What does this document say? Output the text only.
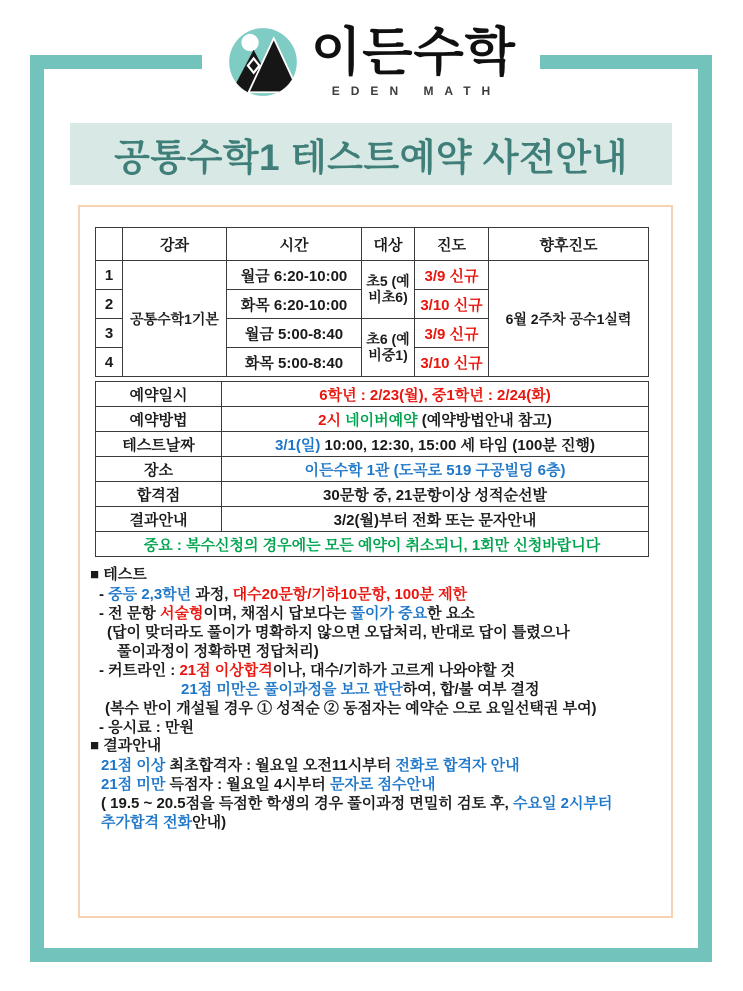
이든수학
EDEN MATH
공통수학1 테스트예약 사전안내
	강좌	시간	대상	진도	향후진도
1	공통수학1기본	월금 6:20-10:00	초5 (예비초6)	3/9 신규	6월 2주차 공수1실력
2		화목 6:20-10:00		3/10 신규	
3		월금 5:00-8:40	초6 (예비중1)	3/9 신규	
4		화목 5:00-8:40		3/10 신규	
예약일시	6학년 : 2/23(월), 중1학년 : 2/24(화)
예약방법	2시 네이버예약 (예약방법안내 참고)
테스트날짜	3/1(일) 10:00, 12:30, 15:00 세 타임 (100분 진행)
장소	이든수학 1관 (도곡로 519 구공빌딩 6층)
합격점	30문항 중, 21문항이상 성적순선발
결과안내	3/2(월)부터 전화 또는 문자안내
중요 : 복수신청의 경우에는 모든 예약이 취소되니, 1회만 신청바랍니다	
■ 테스트
- 중등 2,3학년 과정, 대수20문항/기하10문항, 100분 제한
- 전 문항 서술형이며, 채점시 답보다는 풀이가 중요한 요소
(답이 맞더라도 풀이가 명확하지 않으면 오답처리, 반대로 답이 틀렸으나
풀이과정이 정확하면 정답처리)
- 커트라인 : 21점 이상합격이나, 대수/기하가 고르게 나와야할 것
21점 미만은 풀이과정을 보고 판단하여, 합/불 여부 결정
(복수 반이 개설될 경우 ① 성적순 ② 동점자는 예약순 으로 요일선택권 부여)
- 응시료 : 만원
■ 결과안내
21점 이상 최초합격자 : 월요일 오전11시부터 전화로 합격자 안내
21점 미만 득점자 : 월요일 4시부터 문자로 점수안내
( 19.5 ~ 20.5점을 득점한 학생의 경우 풀이과정 면밀히 검토 후, 수요일 2시부터
추가합격 전화안내)
